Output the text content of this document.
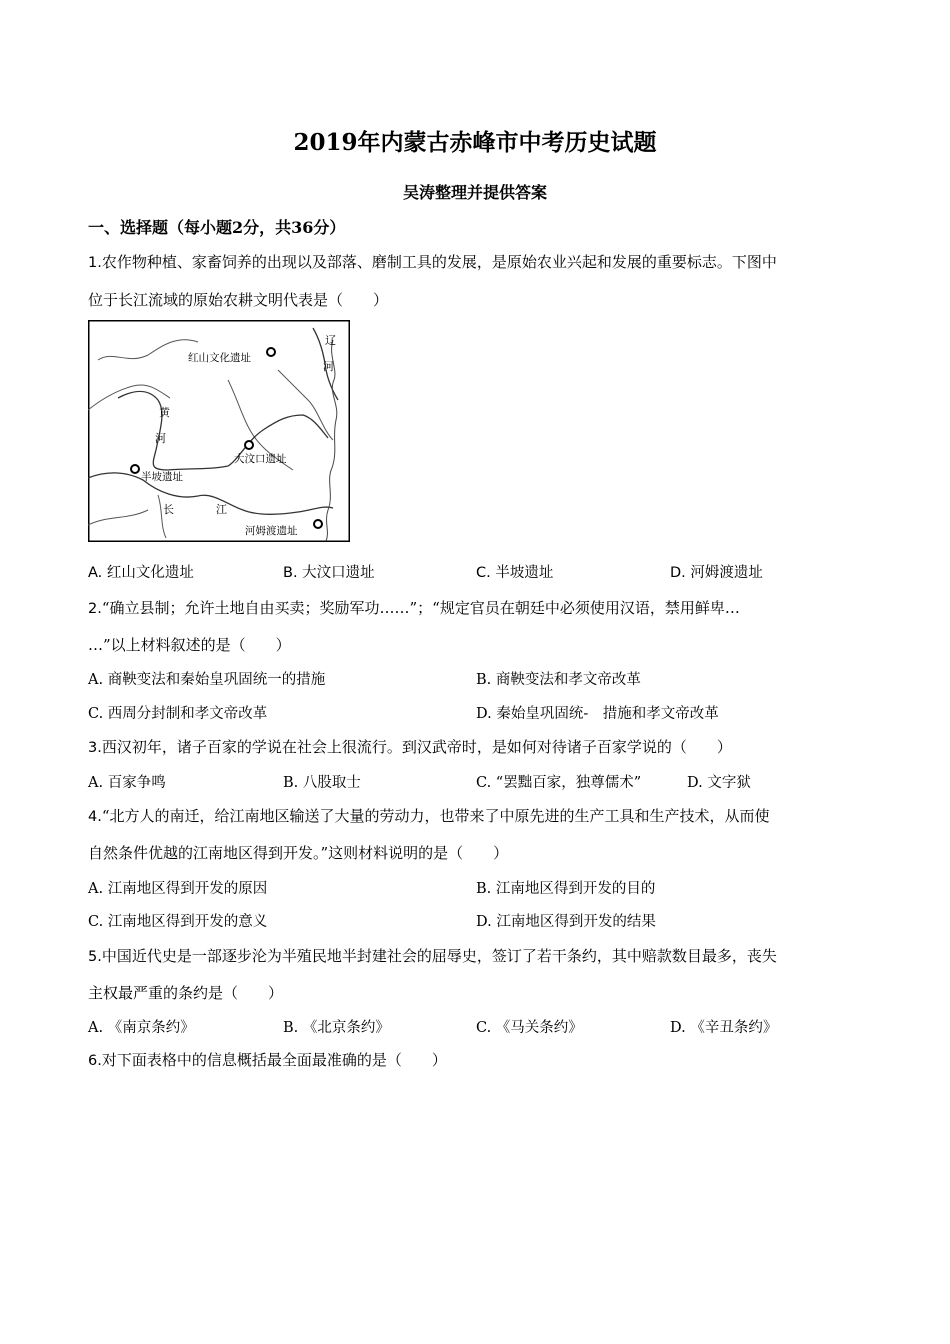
2019年内蒙古赤峰市中考历史试题
吴涛整理并提供答案
一、选择题（每小题2分，共36分）
1.农作物种植、家畜饲养的出现以及部落、磨制工具的发展，是原始农业兴起和发展的重要标志。下图中
位于长江流域的原始农耕文明代表是（　　）
红山文化遗址
大汶口遗址
半坡遗址
河姆渡遗址
辽
河
黄
河
长	江
A. 红山文化遗址	B. 大汶口遗址	C. 半坡遗址	D. 河姆渡遗址
2.“确立县制；允许土地自由买卖；奖励军功……”；“规定官员在朝廷中必须使用汉语，禁用鲜卑…
…”以上材料叙述的是（　　）
A. 商鞅变法和秦始皇巩固统一的措施	B. 商鞅变法和孝文帝改革
C. 西周分封制和孝文帝改革	D. 秦始皇巩固统-　措施和孝文帝改革
3.西汉初年，诸子百家的学说在社会上很流行。到汉武帝时，是如何对待诸子百家学说的（　　）
A. 百家争鸣	B. 八股取士	C. “罢黜百家，独尊儒术”	D. 文字狱
4.“北方人的南迁，给江南地区输送了大量的劳动力，也带来了中原先进的生产工具和生产技术，从而使
自然条件优越的江南地区得到开发。”这则材料说明的是（　　）
A. 江南地区得到开发的原因	B. 江南地区得到开发的目的
C. 江南地区得到开发的意义	D. 江南地区得到开发的结果
5.中国近代史是一部逐步沦为半殖民地半封建社会的屈辱史，签订了若干条约，其中赔款数目最多，丧失
主权最严重的条约是（　　）
A. 《南京条约》	B. 《北京条约》	C. 《马关条约》	D. 《辛丑条约》
6.对下面表格中的信息概括最全面最准确的是（　　）
